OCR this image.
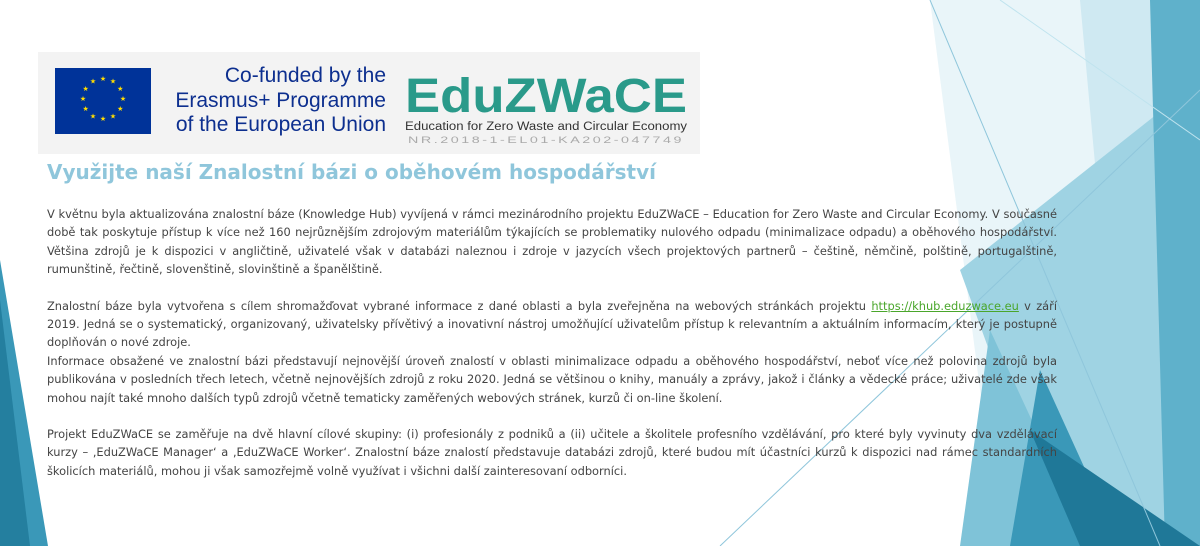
★ ★
★
★
★
★
★
★
★
★
★
★	Co-funded by the
Erasmus+ Programme
of the European Union
EduZWaCE
Education for Zero Waste and Circular Economy
NR.2018-1-EL01-KA202-047749
Využijte naší Znalostní bázi o oběhovém hospodářství

V květnu byla aktualizována znalostní báze (Knowledge Hub) vyvíjená v rámci mezinárodního projektu EduZWaCE – Education for Zero Waste and Circular Economy. V současné době tak poskytuje přístup k více než 160 nejrůznějším zdrojovým materiálům týkajících se problematiky nulového odpadu (minimalizace odpadu) a oběhového hospodářství. Většina zdrojů je k dispozici v angličtině, uživatelé však v databázi naleznou i zdroje v jazycích všech projektových partnerů – češtině, němčině, polštině, portugalštině, rumunštině, řečtině, slovenštině, slovinštině a španělštině.

Znalostní báze byla vytvořena s cílem shromažďovat vybrané informace z dané oblasti a byla zveřejněna na webových stránkách projektu https://khub.eduzwace.eu v září 2019. Jedná se o systematický, organizovaný, uživatelsky přívětivý a inovativní nástroj umožňující uživatelům přístup k relevantním a aktuálním informacím, který je postupně doplňován o nové zdroje.

Informace obsažené ve znalostní bázi představují nejnovější úroveň znalostí v oblasti minimalizace odpadu a oběhového hospodářství, neboť více než polovina zdrojů byla publikována v posledních třech letech, včetně nejnovějších zdrojů z roku 2020. Jedná se většinou o knihy, manuály a zprávy, jakož i články a vědecké práce; uživatelé zde však mohou najít také mnoho dalších typů zdrojů včetně tematicky zaměřených webových stránek, kurzů či on-line školení.

Projekt EduZWaCE se zaměřuje na dvě hlavní cílové skupiny: (i) profesionály z podniků a (ii) učitele a školitele profesního vzdělávání, pro které byly vyvinuty dva vzdělávací kurzy – ‚EduZWaCE Manager‘ a ‚EduZWaCE Worker‘. Znalostní báze znalostí představuje databázi zdrojů, které budou mít účastníci kurzů k dispozici nad rámec standardních školicích materiálů, mohou ji však samozřejmě volně využívat i všichni další zainteresovaní odborníci.
